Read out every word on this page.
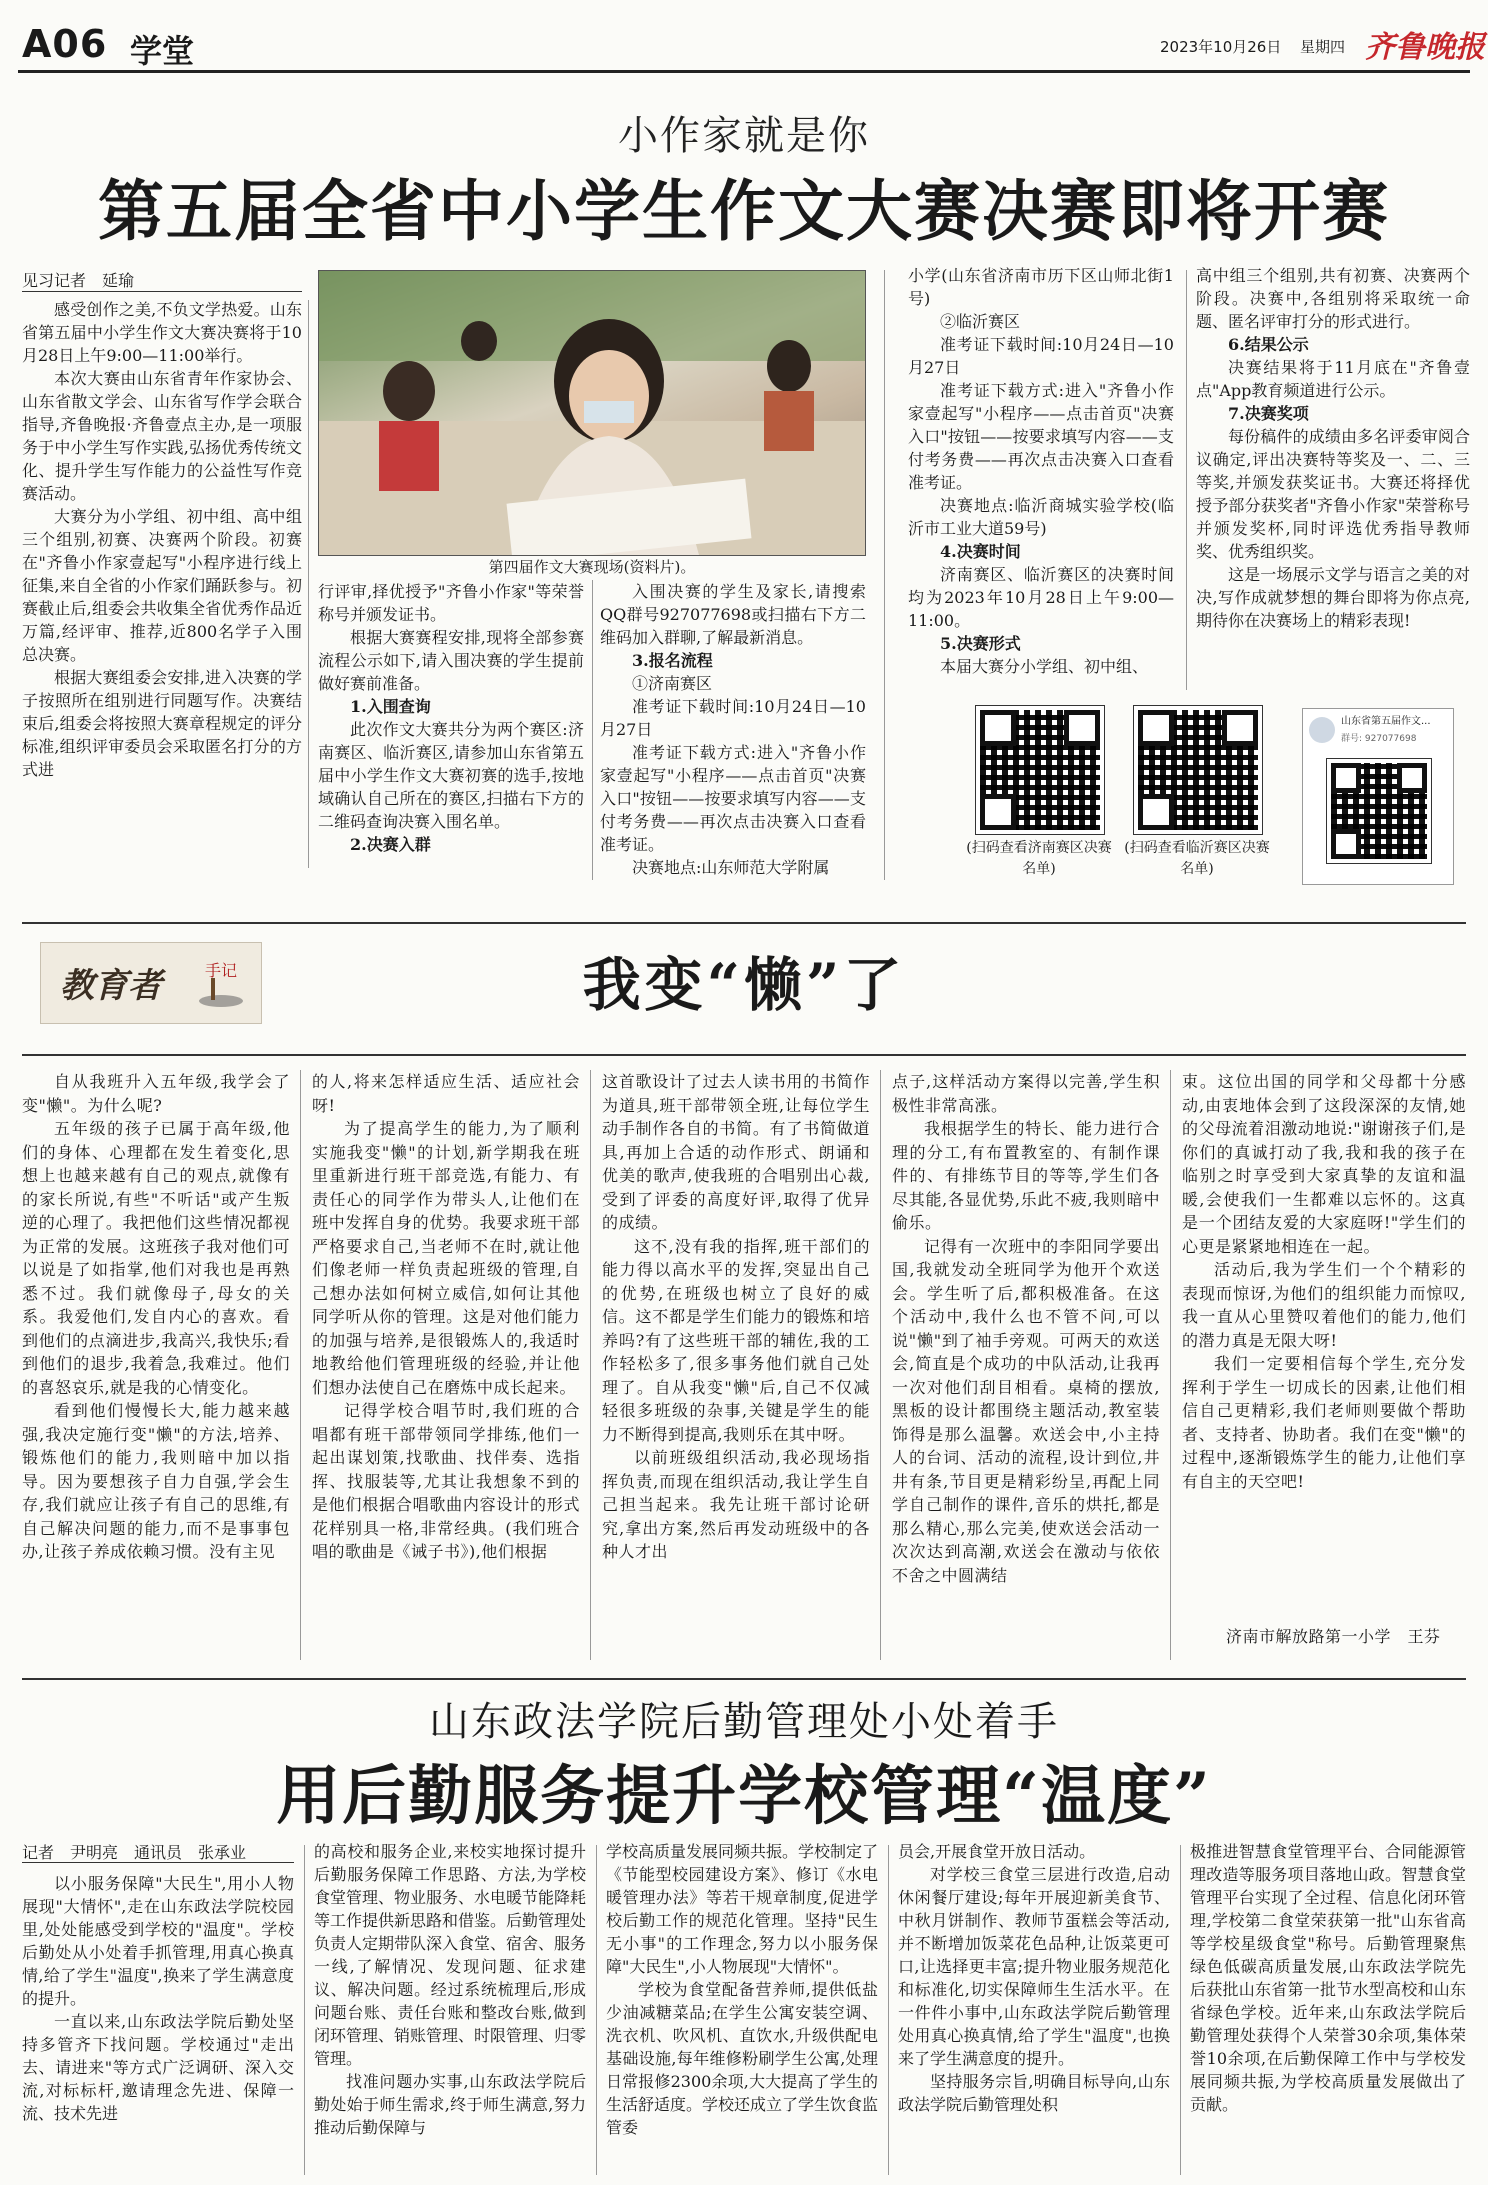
A06 学堂	2023年10月26日 星期四 齐鲁晚报
小作家就是你
第五届全省中小学生作文大赛决赛即将开赛
见习记者　延瑜

感受创作之美,不负文学热爱。山东省第五届中小学生作文大赛决赛将于10月28日上午9:00—11:00举行。

本次大赛由山东省青年作家协会、山东省散文学会、山东省写作学会联合指导,齐鲁晚报·齐鲁壹点主办,是一项服务于中小学生写作实践,弘扬优秀传统文化、提升学生写作能力的公益性写作竞赛活动。

大赛分为小学组、初中组、高中组三个组别,初赛、决赛两个阶段。初赛在"齐鲁小作家壹起写"小程序进行线上征集,来自全省的小作家们踊跃参与。初赛截止后,组委会共收集全省优秀作品近万篇,经评审、推荐,近800名学子入围总决赛。

根据大赛组委会安排,进入决赛的学子按照所在组别进行同题写作。决赛结束后,组委会将按照大赛章程规定的评分标准,组织评审委员会采取匿名打分的方式进

第四届作文大赛现场(资料片)。

行评审,择优授予"齐鲁小作家"等荣誉称号并颁发证书。

根据大赛赛程安排,现将全部参赛流程公示如下,请入围决赛的学生提前做好赛前准备。

1.入围查询

此次作文大赛共分为两个赛区:济南赛区、临沂赛区,请参加山东省第五届中小学生作文大赛初赛的选手,按地域确认自己所在的赛区,扫描右下方的二维码查询决赛入围名单。

2.决赛入群

入围决赛的学生及家长,请搜索QQ群号927077698或扫描右下方二维码加入群聊,了解最新消息。

3.报名流程

①济南赛区

准考证下载时间:10月24日—10月27日

准考证下载方式:进入"齐鲁小作家壹起写"小程序——点击首页"决赛入口"按钮——按要求填写内容——支付考务费——再次点击决赛入口查看准考证。

决赛地点:山东师范大学附属

小学(山东省济南市历下区山师北街1号)

②临沂赛区

准考证下载时间:10月24日—10月27日

准考证下载方式:进入"齐鲁小作家壹起写"小程序——点击首页"决赛入口"按钮——按要求填写内容——支付考务费——再次点击决赛入口查看准考证。

决赛地点:临沂商城实验学校(临沂市工业大道59号)

4.决赛时间

济南赛区、临沂赛区的决赛时间均为2023年10月28日上午9:00—11:00。

5.决赛形式

本届大赛分小学组、初中组、

高中组三个组别,共有初赛、决赛两个阶段。决赛中,各组别将采取统一命题、匿名评审打分的形式进行。

6.结果公示

决赛结果将于11月底在"齐鲁壹点"App教育频道进行公示。

7.决赛奖项

每份稿件的成绩由多名评委审阅合议确定,评出决赛特等奖及一、二、三等奖,并颁发获奖证书。大赛还将择优授予部分获奖者"齐鲁小作家"荣誉称号并颁发奖杯,同时评选优秀指导教师奖、优秀组织奖。

这是一场展示文学与语言之美的对决,写作成就梦想的舞台即将为你点亮,期待你在决赛场上的精彩表现!

(扫码查看济南赛区决赛名单)
(扫码查看临沂赛区决赛名单)
山东省第五届作文...
群号: 927077698
教育者	手记	我变“懒”了

自从我班升入五年级,我学会了变"懒"。为什么呢?

五年级的孩子已属于高年级,他们的身体、心理都在发生着变化,思想上也越来越有自己的观点,就像有的家长所说,有些"不听话"或产生叛逆的心理了。我把他们这些情况都视为正常的发展。这班孩子我对他们可以说是了如指掌,他们对我也是再熟悉不过。我们就像母子,母女的关系。我爱他们,发自内心的喜欢。看到他们的点滴进步,我高兴,我快乐;看到他们的退步,我着急,我难过。他们的喜怒哀乐,就是我的心情变化。

看到他们慢慢长大,能力越来越强,我决定施行变"懒"的方法,培养、锻炼他们的能力,我则暗中加以指导。因为要想孩子自力自强,学会生存,我们就应让孩子有自己的思维,有自己解决问题的能力,而不是事事包办,让孩子养成依赖习惯。没有主见

的人,将来怎样适应生活、适应社会呀!

为了提高学生的能力,为了顺利实施我变"懒"的计划,新学期我在班里重新进行班干部竞选,有能力、有责任心的同学作为带头人,让他们在班中发挥自身的优势。我要求班干部严格要求自己,当老师不在时,就让他们像老师一样负责起班级的管理,自己想办法如何树立威信,如何让其他同学听从你的管理。这是对他们能力的加强与培养,是很锻炼人的,我适时地教给他们管理班级的经验,并让他们想办法使自己在磨炼中成长起来。

记得学校合唱节时,我们班的合唱都有班干部带领同学排练,他们一起出谋划策,找歌曲、找伴奏、选指挥、找服装等,尤其让我想象不到的是他们根据合唱歌曲内容设计的形式花样别具一格,非常经典。(我们班合唱的歌曲是《诫子书》),他们根据

这首歌设计了过去人读书用的书简作为道具,班干部带领全班,让每位学生动手制作各自的书简。有了书简做道具,再加上合适的动作形式、朗诵和优美的歌声,使我班的合唱别出心裁,受到了评委的高度好评,取得了优异的成绩。

这不,没有我的指挥,班干部们的能力得以高水平的发挥,突显出自己的优势,在班级也树立了良好的威信。这不都是学生们能力的锻炼和培养吗?有了这些班干部的辅佐,我的工作轻松多了,很多事务他们就自己处理了。自从我变"懒"后,自己不仅减轻很多班级的杂事,关键是学生的能力不断得到提高,我则乐在其中呀。

以前班级组织活动,我必现场指挥负责,而现在组织活动,我让学生自己担当起来。我先让班干部讨论研究,拿出方案,然后再发动班级中的各种人才出

点子,这样活动方案得以完善,学生积极性非常高涨。

我根据学生的特长、能力进行合理的分工,有布置教室的、有制作课件的、有排练节目的等等,学生们各尽其能,各显优势,乐此不疲,我则暗中偷乐。

记得有一次班中的李阳同学要出国,我就发动全班同学为他开个欢送会。学生听了后,都积极准备。在这个活动中,我什么也不管不问,可以说"懒"到了袖手旁观。可两天的欢送会,简直是个成功的中队活动,让我再一次对他们刮目相看。桌椅的摆放,黑板的设计都围绕主题活动,教室装饰得是那么温馨。欢送会中,小主持人的台词、活动的流程,设计到位,井井有条,节目更是精彩纷呈,再配上同学自己制作的课件,音乐的烘托,都是那么精心,那么完美,使欢送会活动一次次达到高潮,欢送会在激动与依依不舍之中圆满结

束。这位出国的同学和父母都十分感动,由衷地体会到了这段深深的友情,她的父母流着泪激动地说:"谢谢孩子们,是你们的真诚打动了我,我和我的孩子在临别之时享受到大家真挚的友谊和温暖,会使我们一生都难以忘怀的。这真是一个团结友爱的大家庭呀!"学生们的心更是紧紧地相连在一起。

活动后,我为学生们一个个精彩的表现而惊讶,为他们的组织能力而惊叹,我一直从心里赞叹着他们的能力,他们的潜力真是无限大呀!

我们一定要相信每个学生,充分发挥利于学生一切成长的因素,让他们相信自己更精彩,我们老师则要做个帮助者、支持者、协助者。我们在变"懒"的过程中,逐渐锻炼学生的能力,让他们享有自主的天空吧!

济南市解放路第一小学　王芬
山东政法学院后勤管理处小处着手
用后勤服务提升学校管理“温度”
记者　尹明亮　通讯员　张承业

以小服务保障"大民生",用小人物展现"大情怀",走在山东政法学院校园里,处处能感受到学校的"温度"。学校后勤处从小处着手抓管理,用真心换真情,给了学生"温度",换来了学生满意度的提升。

一直以来,山东政法学院后勤处坚持多管齐下找问题。学校通过"走出去、请进来"等方式广泛调研、深入交流,对标标杆,邀请理念先进、保障一流、技术先进

的高校和服务企业,来校实地探讨提升后勤服务保障工作思路、方法,为学校食堂管理、物业服务、水电暖节能降耗等工作提供新思路和借鉴。后勤管理处负责人定期带队深入食堂、宿舍、服务一线,了解情况、发现问题、征求建议、解决问题。经过系统梳理后,形成问题台账、责任台账和整改台账,做到闭环管理、销账管理、时限管理、归零管理。

找准问题办实事,山东政法学院后勤处始于师生需求,终于师生满意,努力推动后勤保障与

学校高质量发展同频共振。学校制定了《节能型校园建设方案》、修订《水电暖管理办法》等若干规章制度,促进学校后勤工作的规范化管理。坚持"民生无小事"的工作理念,努力以小服务保障"大民生",小人物展现"大情怀"。

学校为食堂配备营养师,提供低盐少油减糖菜品;在学生公寓安装空调、洗衣机、吹风机、直饮水,升级供配电基础设施,每年维修粉刷学生公寓,处理日常报修2300余项,大大提高了学生的生活舒适度。学校还成立了学生饮食监管委

员会,开展食堂开放日活动。

对学校三食堂三层进行改造,启动休闲餐厅建设;每年开展迎新美食节、中秋月饼制作、教师节蛋糕会等活动,并不断增加饭菜花色品种,让饭菜更可口,让选择更丰富;提升物业服务规范化和标准化,切实保障师生生活水平。在一件件小事中,山东政法学院后勤管理处用真心换真情,给了学生"温度",也换来了学生满意度的提升。

坚持服务宗旨,明确目标导向,山东政法学院后勤管理处积

极推进智慧食堂管理平台、合同能源管理改造等服务项目落地山政。智慧食堂管理平台实现了全过程、信息化闭环管理,学校第二食堂荣获第一批"山东省高等学校星级食堂"称号。后勤管理聚焦绿色低碳高质量发展,山东政法学院先后获批山东省第一批节水型高校和山东省绿色学校。近年来,山东政法学院后勤管理处获得个人荣誉30余项,集体荣誉10余项,在后勤保障工作中与学校发展同频共振,为学校高质量发展做出了贡献。
